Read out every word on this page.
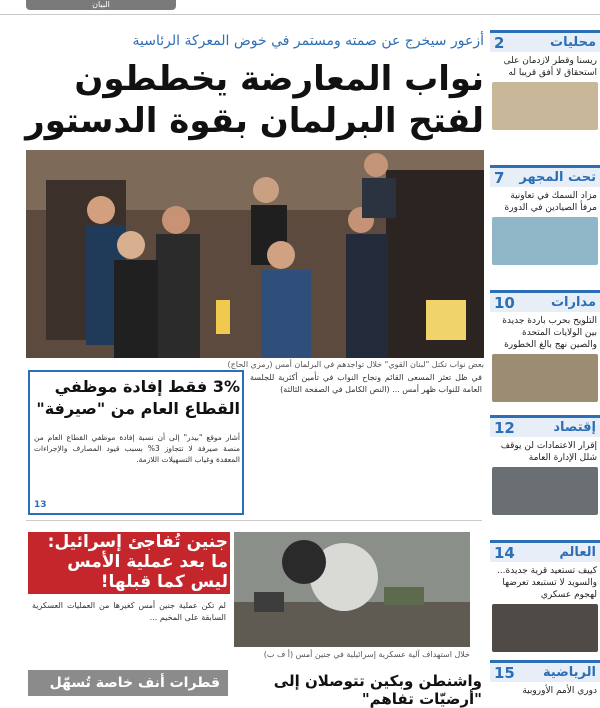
البيان
أزعور سيخرج عن صمته ومستمر في خوض المعركة الرئاسية
نواب المعارضة يخططون لفتح البرلمان بقوة الدستور
بعض نواب تكتل "لبنان القوي" خلال تواجدهم في البرلمان أمس (رمزي الحاج)
3% فقط إفادة موظفي القطاع العام من "صيرفة"
أشار موقع "بيدر" إلى أن نسبة إفادة موظفي القطاع العام من منصة صيرفة لا تتجاوز 3% بسبب قيود المصارف والإجراءات المعقدة وغياب التسهيلات اللازمة.
13
في ظل تعثر المسعى القائم ونجاح النواب في تأمين أكثرية للجلسة العامة للنواب ظهر أمس ... (النص الكامل في الصفحة الثالثة)
جنين تُفاجئ إسرائيل: ما بعد عملية الأمس ليس كما قبلها!
لم تكن عملية جنين أمس كغيرها من العمليات العسكرية السابقة على المخيم ...
خلال استهداف آلية عسكرية إسرائيلية في جنين أمس (أ ف ب)
واشنطن وبكين تتوصلان إلى "أرضيّات تفاهم"
قطرات أنف خاصة تُسهّل
محليات
2
ريسنا وقطر لازدمان على استحقاق لا أفق قريبا له
تحت المجهر
7
مزاد السمك في تعاونية مرفأ الصيادين في الدورة
مدارات
10
التلويح بحرب باردة جديدة بين الولايات المتحدة والصين نهج بالغ الخطورة
إقتصاد
12
إقرار الاعتمادات لن يوقف شلل الإدارة العامة
العالم
14
كييف تستعيد قرية جديدة... والسويد لا تستبعد تعرضها لهجوم عسكري
الرياضية
15
دوري الأمم الأوروبية
